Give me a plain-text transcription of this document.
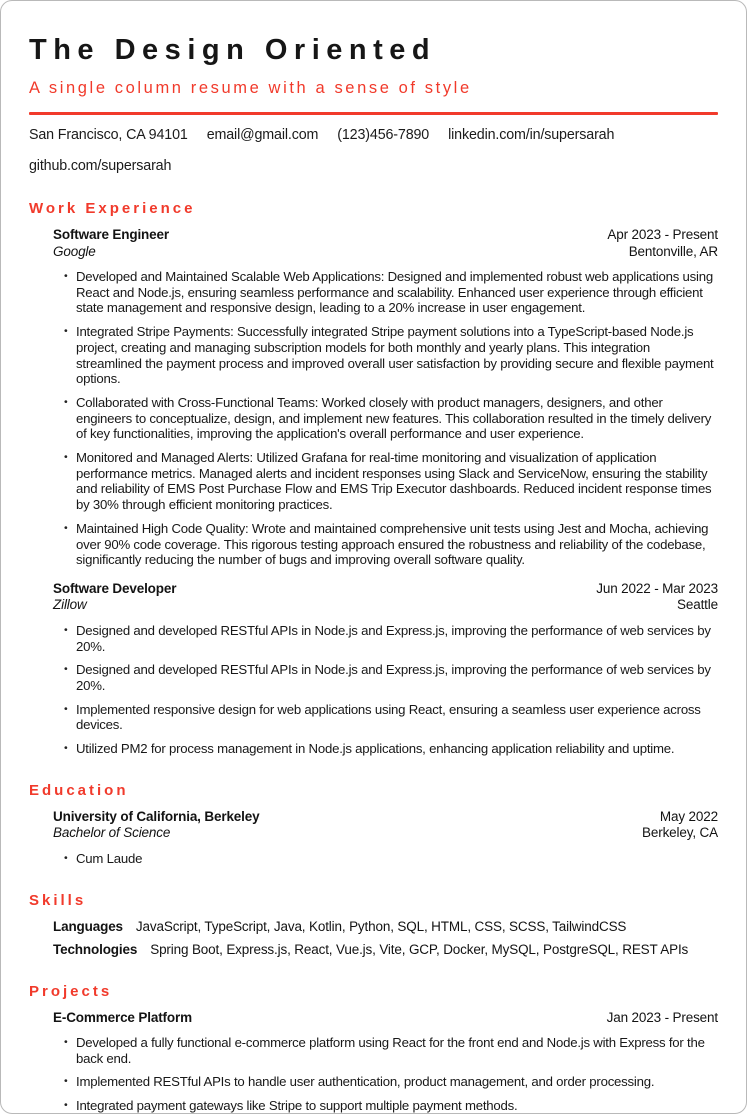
The Design Oriented
A single column resume with a sense of style
San Francisco, CA 94101 email@gmail.com (123)456-7890 linkedin.com/in/supersarah
github.com/supersarah
Work Experience
Software Engineer	Apr 2023 - Present
Google	Bentonville, AR
• Developed and Maintained Scalable Web Applications: Designed and implemented robust web applications using React and Node.js, ensuring seamless performance and scalability. Enhanced user experience through efficient state management and responsive design, leading to a 20% increase in user engagement.
• Integrated Stripe Payments: Successfully integrated Stripe payment solutions into a TypeScript-based Node.js project, creating and managing subscription models for both monthly and yearly plans. This integration streamlined the payment process and improved overall user satisfaction by providing secure and flexible payment options.
• Collaborated with Cross-Functional Teams: Worked closely with product managers, designers, and other engineers to conceptualize, design, and implement new features. This collaboration resulted in the timely delivery of key functionalities, improving the application's overall performance and user experience.
• Monitored and Managed Alerts: Utilized Grafana for real-time monitoring and visualization of application performance metrics. Managed alerts and incident responses using Slack and ServiceNow, ensuring the stability and reliability of EMS Post Purchase Flow and EMS Trip Executor dashboards. Reduced incident response times by 30% through efficient monitoring practices.
• Maintained High Code Quality: Wrote and maintained comprehensive unit tests using Jest and Mocha, achieving over 90% code coverage. This rigorous testing approach ensured the robustness and reliability of the codebase, significantly reducing the number of bugs and improving overall software quality.
Software Developer	Jun 2022 - Mar 2023
Zillow	Seattle
• Designed and developed RESTful APIs in Node.js and Express.js, improving the performance of web services by 20%.
• Designed and developed RESTful APIs in Node.js and Express.js, improving the performance of web services by 20%.
• Implemented responsive design for web applications using React, ensuring a seamless user experience across devices.
• Utilized PM2 for process management in Node.js applications, enhancing application reliability and uptime.
Education
University of California, Berkeley	May 2022
Bachelor of Science	Berkeley, CA
• Cum Laude
Skills
Languages JavaScript, TypeScript, Java, Kotlin, Python, SQL, HTML, CSS, SCSS, TailwindCSS
Technologies Spring Boot, Express.js, React, Vue.js, Vite, GCP, Docker, MySQL, PostgreSQL, REST APIs
Projects
E-Commerce Platform	Jan 2023 - Present
• Developed a fully functional e-commerce platform using React for the front end and Node.js with Express for the back end.
• Implemented RESTful APIs to handle user authentication, product management, and order processing.
• Integrated payment gateways like Stripe to support multiple payment methods.
